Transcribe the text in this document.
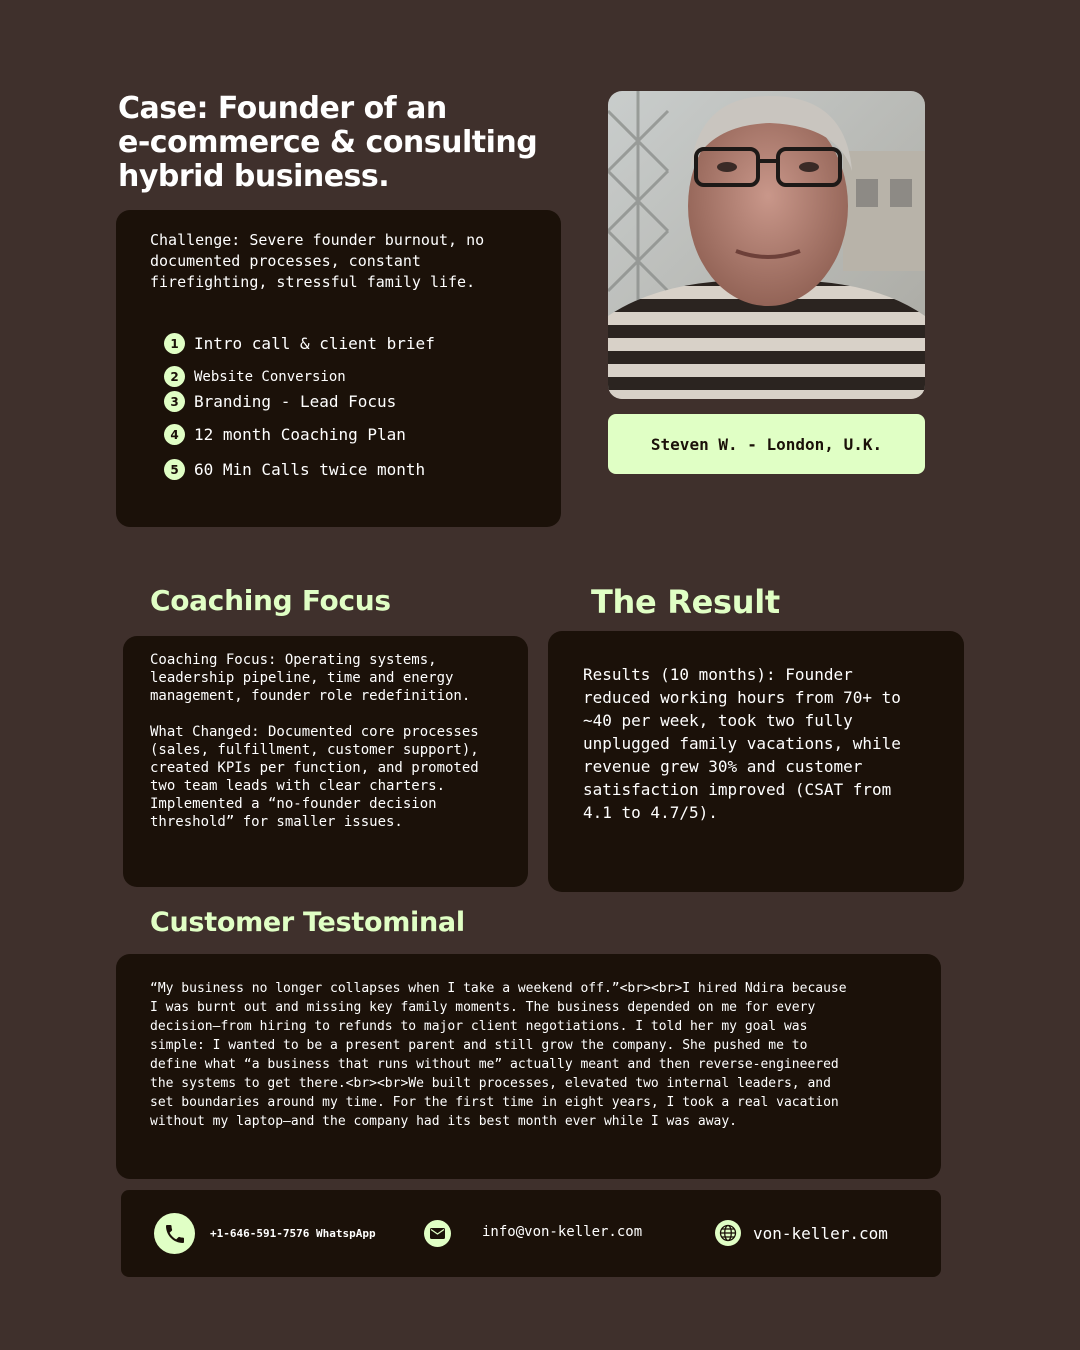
Case: Founder of an
e-commerce & consulting
hybrid business.

Challenge: Severe founder burnout, no
documented processes, constant
firefighting, stressful family life.

1 Intro call & client brief
2	Website Conversion
3 Branding - Lead Focus
4 12 month Coaching Plan
5 60 Min Calls twice month
Steven W. - London, U.K.
Coaching Focus

Coaching Focus: Operating systems,
leadership pipeline, time and energy
management, founder role redefinition.

What Changed: Documented core processes
(sales, fulfillment, customer support),
created KPIs per function, and promoted
two team leads with clear charters.
Implemented a “no-founder decision
threshold” for smaller issues.

The Result

Results (10 months): Founder
reduced working hours from 70+ to
~40 per week, took two fully
unplugged family vacations, while
revenue grew 30% and customer
satisfaction improved (CSAT from
4.1 to 4.7/5).

Customer Testominal

“My business no longer collapses when I take a weekend off.”<br><br>I hired Ndira because
I was burnt out and missing key family moments. The business depended on me for every
decision—from hiring to refunds to major client negotiations. I told her my goal was
simple: I wanted to be a present parent and still grow the company. She pushed me to
define what “a business that runs without me” actually meant and then reverse-engineered
the systems to get there.<br><br>We built processes, elevated two internal leaders, and
set boundaries around my time. For the first time in eight years, I took a real vacation
without my laptop—and the company had its best month ever while I was away.

+1-646-591-7576 WhatspApp	info@von-keller.com	von-keller.com
